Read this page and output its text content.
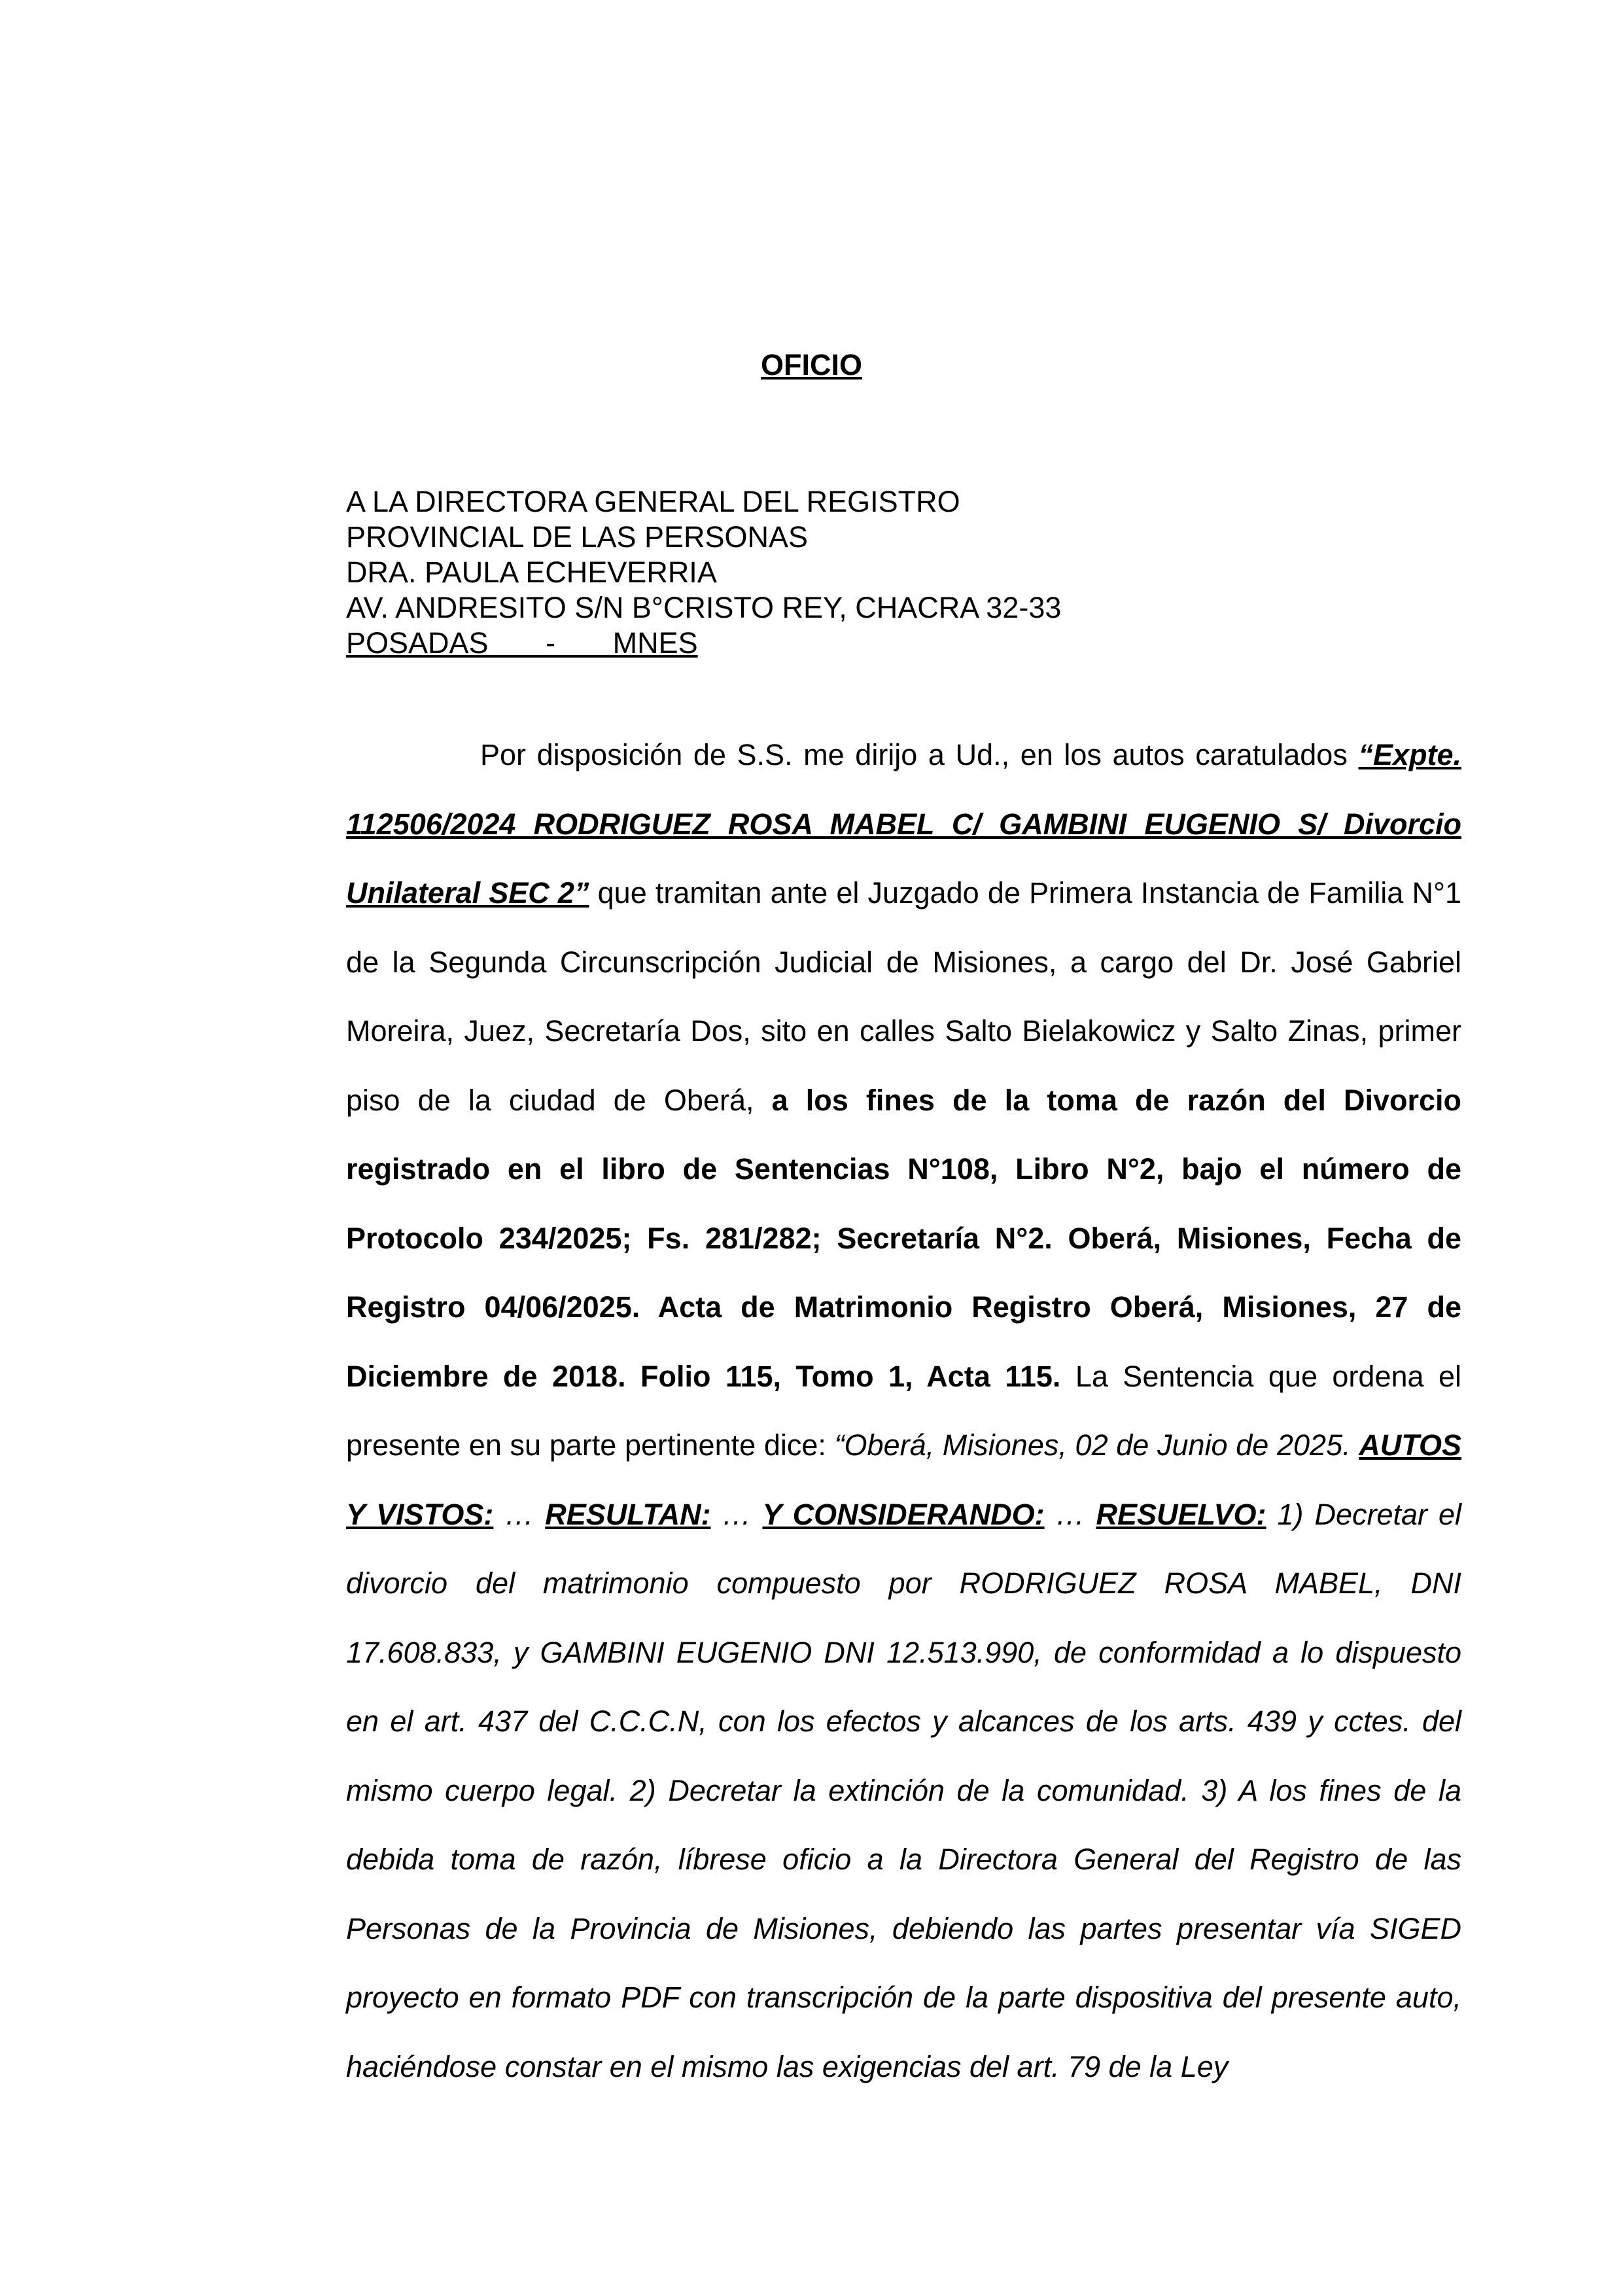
OFICIO
A LA DIRECTORA GENERAL DEL REGISTRO
PROVINCIAL DE LAS PERSONAS
DRA. PAULA ECHEVERRIA
AV. ANDRESITO S/N B°CRISTO REY, CHACRA 32-33
POSADAS       -       MNES

Por disposición de S.S. me dirijo a Ud., en los autos caratulados “Expte. 112506/2024 RODRIGUEZ ROSA MABEL C/ GAMBINI EUGENIO S/ Divorcio Unilateral SEC 2” que tramitan ante el Juzgado de Primera Instancia de Familia N°1 de la Segunda Circunscripción Judicial de Misiones, a cargo del Dr. José Gabriel Moreira, Juez, Secretaría Dos, sito en calles Salto Bielakowicz y Salto Zinas, primer piso de la ciudad de Oberá, a los fines de la toma de razón del Divorcio registrado en el libro de Sentencias N°108, Libro N°2, bajo el número de Protocolo 234/2025; Fs. 281/282; Secretaría N°2. Oberá, Misiones, Fecha de Registro 04/06/2025. Acta de Matrimonio Registro Oberá, Misiones, 27 de Diciembre de 2018. Folio 115, Tomo 1, Acta 115. La Sentencia que ordena el presente en su parte pertinente dice: “Oberá, Misiones, 02 de Junio de 2025. AUTOS Y VISTOS: … RESULTAN: … Y CONSIDERANDO: … RESUELVO: 1) Decretar el divorcio del matrimonio compuesto por RODRIGUEZ ROSA MABEL, DNI 17.608.833, y GAMBINI EUGENIO DNI 12.513.990, de conformidad a lo dispuesto en el art. 437 del C.C.C.N, con los efectos y alcances de los arts. 439 y cctes. del mismo cuerpo legal. 2) Decretar la extinción de la comunidad. 3) A los fines de la debida toma de razón, líbrese oficio a la Directora General del Registro de las Personas de la Provincia de Misiones, debiendo las partes presentar vía SIGED proyecto en formato PDF con transcripción de la parte dispositiva del presente auto, haciéndose constar en el mismo las exigencias del art. 79 de la Ley
